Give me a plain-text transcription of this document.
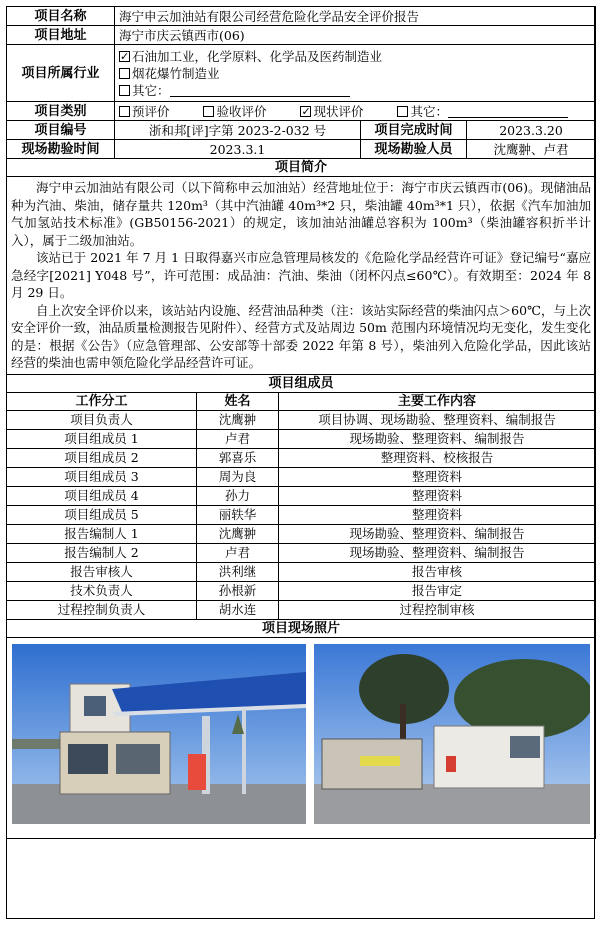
项目名称	海宁申云加油站有限公司经营危险化学品安全评价报告				
项目地址	海宁市庆云镇西市(06)				
项目所属行业	
✓石油加工业，化学原料、化学品及医药制造业
烟花爆竹制造业
其它：

项目类别	预评价 验收评价 ✓ 现状评价 其它：
项目编号	浙和邦[评]字第 2023-2-032 号			项目完成时间	2023.3.20
现场勘验时间	2023.3.1			现场勘验人员	沈鹰翀、卢君
项目简介					

海宁申云加油站有限公司（以下简称申云加油站）经营地址位于：海宁市庆云镇西市(06)。现储油品种为汽油、柴油，储存量共 120m³（其中汽油罐 40m³*2 只，柴油罐 40m³*1 只），依据《汽车加油加气加氢站技术标准》(GB50156-2021）的规定，该加油站油罐总容积为 100m³（柴油罐容积折半计入），属于二级加油站。
该站已于 2021 年 7 月 1 日取得嘉兴市应急管理局核发的《危险化学品经营许可证》登记编号“嘉应急经字[2021] Y048 号”，许可范围：成品油：汽油、柴油（闭杯闪点≤60℃）。有效期至：2024 年 8 月 29 日。
自上次安全评价以来，该站站内设施、经营油品种类（注：该站实际经营的柴油闪点＞60℃，与上次安全评价一致，油品质量检测报告见附件）、经营方式及站周边 50m 范围内环境情况均无变化，发生变化的是：根据《公告》（应急管理部、公安部等十部委 2022 年第 8 号），柴油列入危险化学品，因此该站经营的柴油也需申领危险化学品经营许可证。					

项目组成员					
工作分工		姓名	主要工作内容		
项目负责人		沈鹰翀	项目协调、现场勘验、整理资料、编制报告		
项目组成员 1		卢君	现场勘验、整理资料、编制报告		
项目组成员 2		郭喜乐	整理资料、校核报告		
项目组成员 3		周为良	整理资料		
项目组成员 4		孙力	整理资料		
项目组成员 5		丽轶华	整理资料		
报告编制人 1		沈鹰翀	现场勘验、整理资料、编制报告		
报告编制人 2		卢君	现场勘验、整理资料、编制报告		
报告审核人		洪利继	报告审核		
技术负责人		孙根新	报告审定		
过程控制负责人		胡水连	过程控制审核		
项目现场照片					
